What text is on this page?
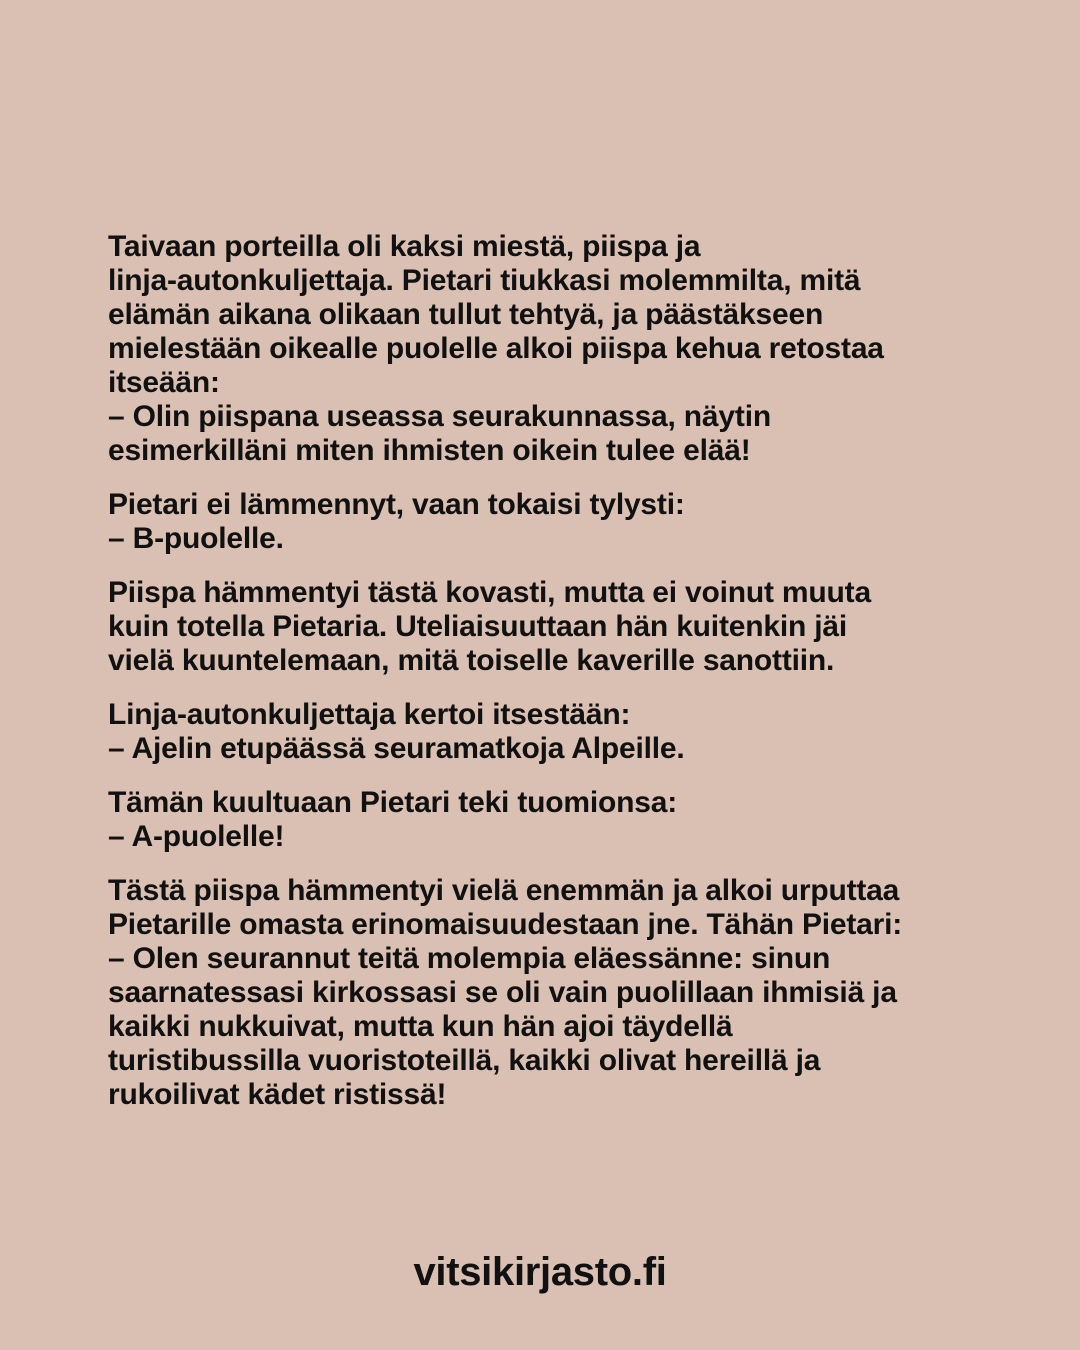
Taivaan porteilla oli kaksi miestä, piispa ja
linja-autonkuljettaja. Pietari tiukkasi molemmilta, mitä
elämän aikana olikaan tullut tehtyä, ja päästäkseen
mielestään oikealle puolelle alkoi piispa kehua retostaa
itseään:
– Olin piispana useassa seurakunnassa, näytin
esimerkilläni miten ihmisten oikein tulee elää!

Pietari ei lämmennyt, vaan tokaisi tylysti:
– B-puolelle.

Piispa hämmentyi tästä kovasti, mutta ei voinut muuta
kuin totella Pietaria. Uteliaisuuttaan hän kuitenkin jäi
vielä kuuntelemaan, mitä toiselle kaverille sanottiin.

Linja-autonkuljettaja kertoi itsestään:
– Ajelin etupäässä seuramatkoja Alpeille.

Tämän kuultuaan Pietari teki tuomionsa:
– A-puolelle!

Tästä piispa hämmentyi vielä enemmän ja alkoi urputtaa
Pietarille omasta erinomaisuudestaan jne. Tähän Pietari:
– Olen seurannut teitä molempia eläessänne: sinun
saarnatessasi kirkossasi se oli vain puolillaan ihmisiä ja
kaikki nukkuivat, mutta kun hän ajoi täydellä
turistibussilla vuoristoteillä, kaikki olivat hereillä ja
rukoilivat kädet ristissä!

vitsikirjasto.fi
